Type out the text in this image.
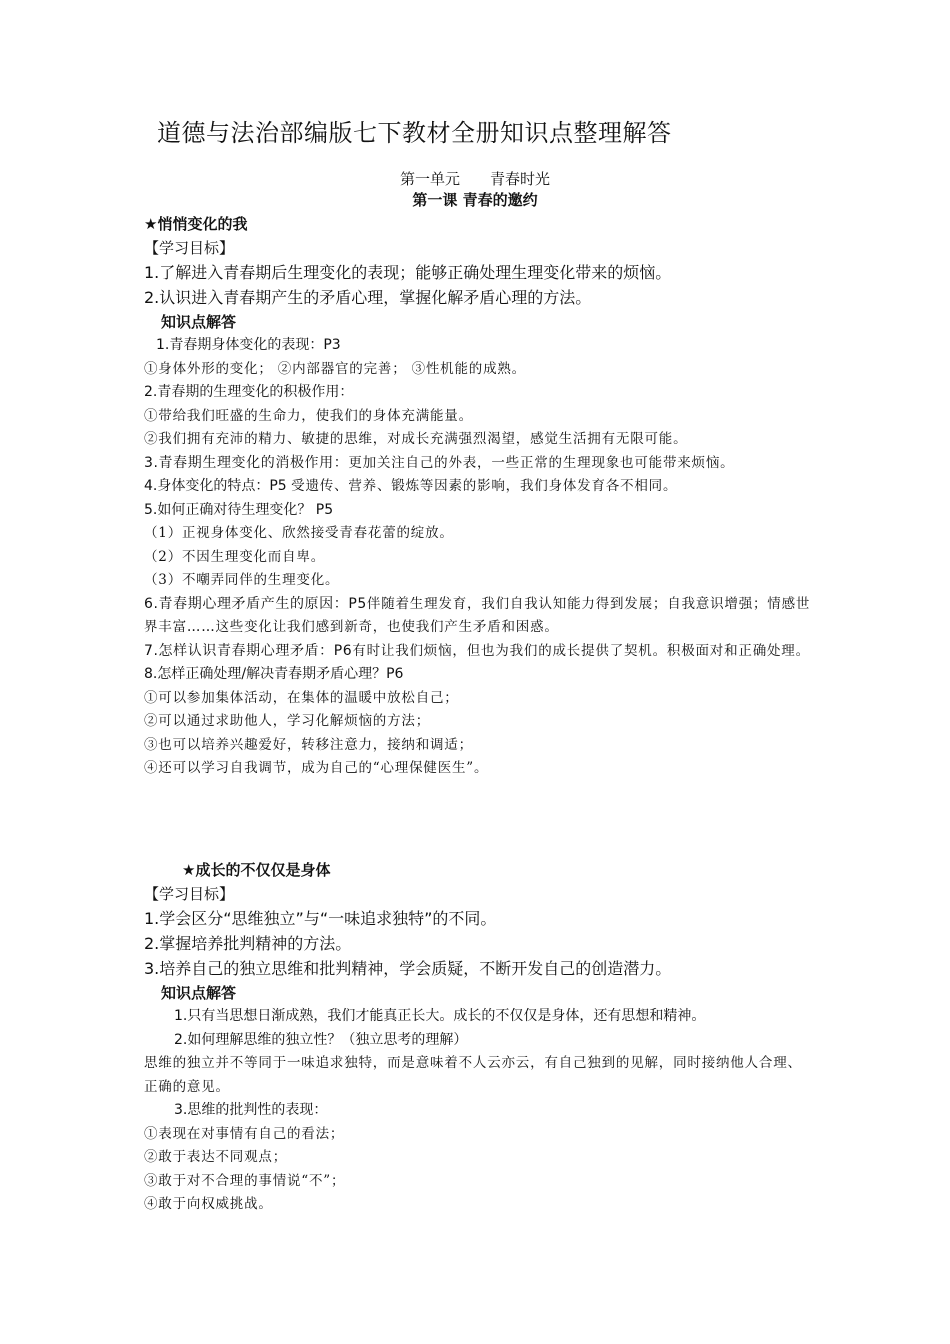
道德与法治部编版七下教材全册知识点整理解答
第一单元 青春时光
第一课 青春的邀约
★悄悄变化的我
【学习目标】
1.了解进入青春期后生理变化的表现；能够正确处理生理变化带来的烦恼。
2.认识进入青春期产生的矛盾心理，掌握化解矛盾心理的方法。
知识点解答
1.青春期身体变化的表现：P3
①身体外形的变化； ②内部器官的完善； ③性机能的成熟。
2.青春期的生理变化的积极作用：
①带给我们旺盛的生命力，使我们的身体充满能量。
②我们拥有充沛的精力、敏捷的思维，对成长充满强烈渴望，感觉生活拥有无限可能。
3.青春期生理变化的消极作用：更加关注自己的外表，一些正常的生理现象也可能带来烦恼。
4.身体变化的特点：P5 受遗传、营养、锻炼等因素的影响，我们身体发育各不相同。
5.如何正确对待生理变化？ P5
（1）正视身体变化、欣然接受青春花蕾的绽放。
（2）不因生理变化而自卑。
（3）不嘲弄同伴的生理变化。
6.青春期心理矛盾产生的原因：P5伴随着生理发育，我们自我认知能力得到发展；自我意识增强；情感世界丰富……这些变化让我们感到新奇，也使我们产生矛盾和困惑。
7.怎样认识青春期心理矛盾：P6有时让我们烦恼，但也为我们的成长提供了契机。积极面对和正确处理。
8.怎样正确处理/解决青春期矛盾心理？P6
①可以参加集体活动，在集体的温暖中放松自己；
②可以通过求助他人，学习化解烦恼的方法；
③也可以培养兴趣爱好，转移注意力，接纳和调适；
④还可以学习自我调节，成为自己的“心理保健医生”。
★成长的不仅仅是身体
【学习目标】
1.学会区分“思维独立”与“一味追求独特”的不同。
2.掌握培养批判精神的方法。
3.培养自己的独立思维和批判精神，学会质疑，不断开发自己的创造潜力。
知识点解答
1.只有当思想日渐成熟，我们才能真正长大。成长的不仅仅是身体，还有思想和精神。
2.如何理解思维的独立性？（独立思考的理解）
思维的独立并不等同于一味追求独特，而是意味着不人云亦云，有自己独到的见解，同时接纳他人合理、正确的意见。
3.思维的批判性的表现：
①表现在对事情有自己的看法；
②敢于表达不同观点；
③敢于对不合理的事情说“不”；
④敢于向权威挑战。
